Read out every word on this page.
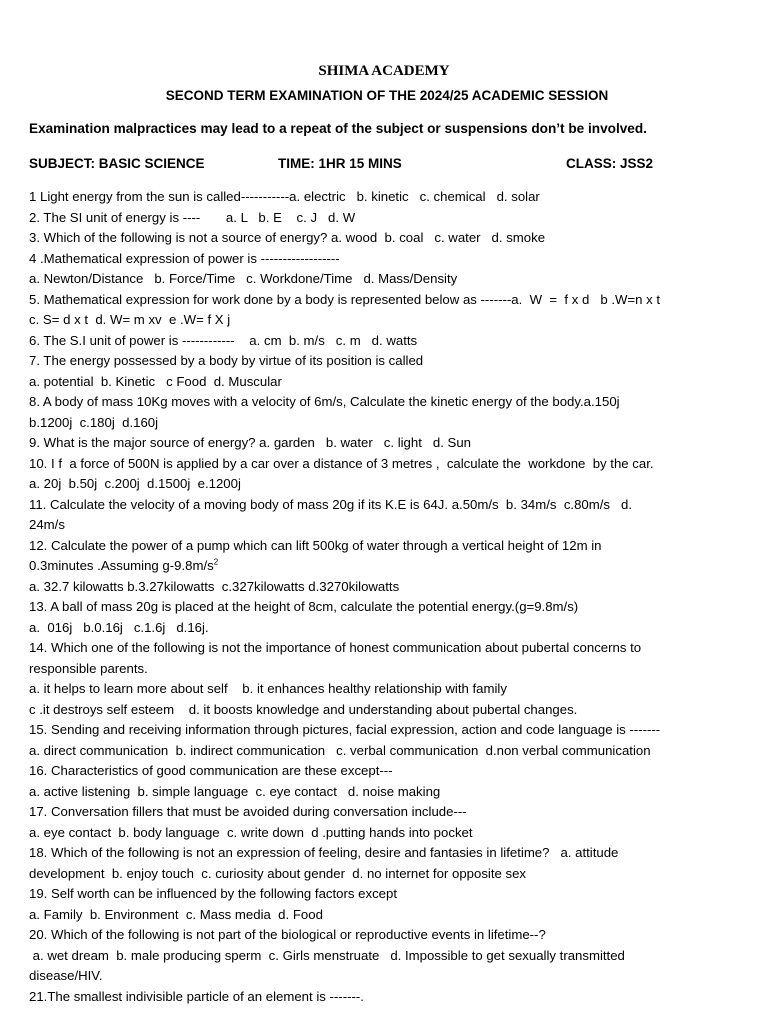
SHIMA ACADEMY
SECOND TERM EXAMINATION OF THE 2024/25 ACADEMIC SESSION
Examination malpractices may lead to a repeat of the subject or suspensions don’t be involved.
SUBJECT: BASIC SCIENCE	TIME: 1HR 15 MINS	CLASS: JSS2
1 Light energy from the sun is called-----------a. electric   b. kinetic   c. chemical   d. solar
2. The SI unit of energy is ----       a. L   b. E    c. J   d. W
3. Which of the following is not a source of energy? a. wood  b. coal   c. water   d. smoke
4 .Mathematical expression of power is ------------------
a. Newton/Distance   b. Force/Time   c. Workdone/Time   d. Mass/Density
5. Mathematical expression for work done by a body is represented below as -------a.  W  =  f x d   b .W=n x t
c. S= d x t  d. W= m xv  e .W= f X j
6. The S.I unit of power is ------------    a. cm  b. m/s   c. m   d. watts
7. The energy possessed by a body by virtue of its position is called
a. potential  b. Kinetic   c Food  d. Muscular
8. A body of mass 10Kg moves with a velocity of 6m/s, Calculate the kinetic energy of the body.a.150j
b.1200j  c.180j  d.160j
9. What is the major source of energy? a. garden   b. water   c. light   d. Sun
10. I f  a force of 500N is applied by a car over a distance of 3 metres ,  calculate the  workdone  by the car.
a. 20j  b.50j  c.200j  d.1500j  e.1200j
11. Calculate the velocity of a moving body of mass 20g if its K.E is 64J. a.50m/s  b. 34m/s  c.80m/s   d.
24m/s
12. Calculate the power of a pump which can lift 500kg of water through a vertical height of 12m in
0.3minutes .Assuming $g-9.8m/s^2$
a. 32.7 kilowatts b.3.27kilowatts  c.327kilowatts d.3270kilowatts
13. A ball of mass 20g is placed at the height of 8cm, calculate the potential energy.(g=9.8m/s)
a.  016j   b.0.16j   c.1.6j   d.16j.
14. Which one of the following is not the importance of honest communication about pubertal concerns to
responsible parents.
a. it helps to learn more about self    b. it enhances healthy relationship with family
c .it destroys self esteem    d. it boosts knowledge and understanding about pubertal changes.
15. Sending and receiving information through pictures, facial expression, action and code language is -------
a. direct communication  b. indirect communication   c. verbal communication  d.non verbal communication
16. Characteristics of good communication are these except---
a. active listening  b. simple language  c. eye contact   d. noise making
17. Conversation fillers that must be avoided during conversation include---
a. eye contact  b. body language  c. write down  d .putting hands into pocket
18. Which of the following is not an expression of feeling, desire and fantasies in lifetime?   a. attitude
development  b. enjoy touch  c. curiosity about gender  d. no internet for opposite sex
19. Self worth can be influenced by the following factors except
a. Family  b. Environment  c. Mass media  d. Food
20. Which of the following is not part of the biological or reproductive events in lifetime--?
a. wet dream  b. male producing sperm  c. Girls menstruate   d. Impossible to get sexually transmitted
disease/HIV.
21.The smallest indivisible particle of an element is -------.
